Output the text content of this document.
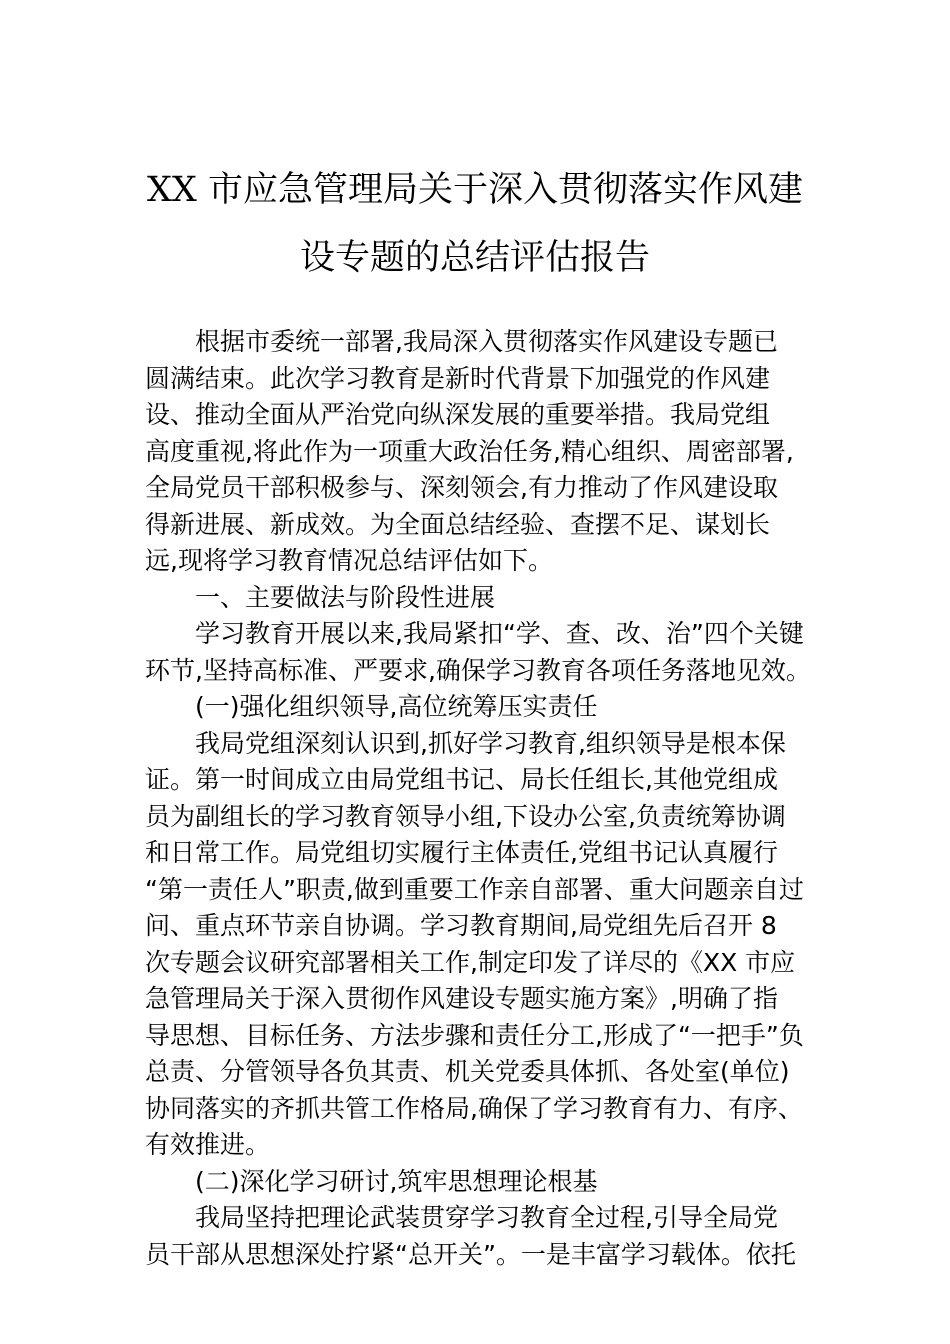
XX 市应急管理局关于深入贯彻落实作风建
设专题的总结评估报告
根据市委统一部署,我局深入贯彻落实作风建设专题已
圆满结束。此次学习教育是新时代背景下加强党的作风建
设、推动全面从严治党向纵深发展的重要举措。我局党组
高度重视,将此作为一项重大政治任务,精心组织、周密部署,
全局党员干部积极参与、深刻领会,有力推动了作风建设取
得新进展、新成效。为全面总结经验、查摆不足、谋划长
远,现将学习教育情况总结评估如下。
一、主要做法与阶段性进展
学习教育开展以来,我局紧扣“学、查、改、治”四个关键
环节,坚持高标准、严要求,确保学习教育各项任务落地见效。
(一)强化组织领导,高位统筹压实责任
我局党组深刻认识到,抓好学习教育,组织领导是根本保
证。第一时间成立由局党组书记、局长任组长,其他党组成
员为副组长的学习教育领导小组,下设办公室,负责统筹协调
和日常工作。局党组切实履行主体责任,党组书记认真履行
“第一责任人”职责,做到重要工作亲自部署、重大问题亲自过
问、重点环节亲自协调。学习教育期间,局党组先后召开 8
次专题会议研究部署相关工作,制定印发了详尽的《XX 市应
急管理局关于深入贯彻作风建设专题实施方案》,明确了指
导思想、目标任务、方法步骤和责任分工,形成了“一把手”负
总责、分管领导各负其责、机关党委具体抓、各处室(单位)
协同落实的齐抓共管工作格局,确保了学习教育有力、有序、
有效推进。
(二)深化学习研讨,筑牢思想理论根基
我局坚持把理论武装贯穿学习教育全过程,引导全局党
员干部从思想深处拧紧“总开关”。一是丰富学习载体。依托
